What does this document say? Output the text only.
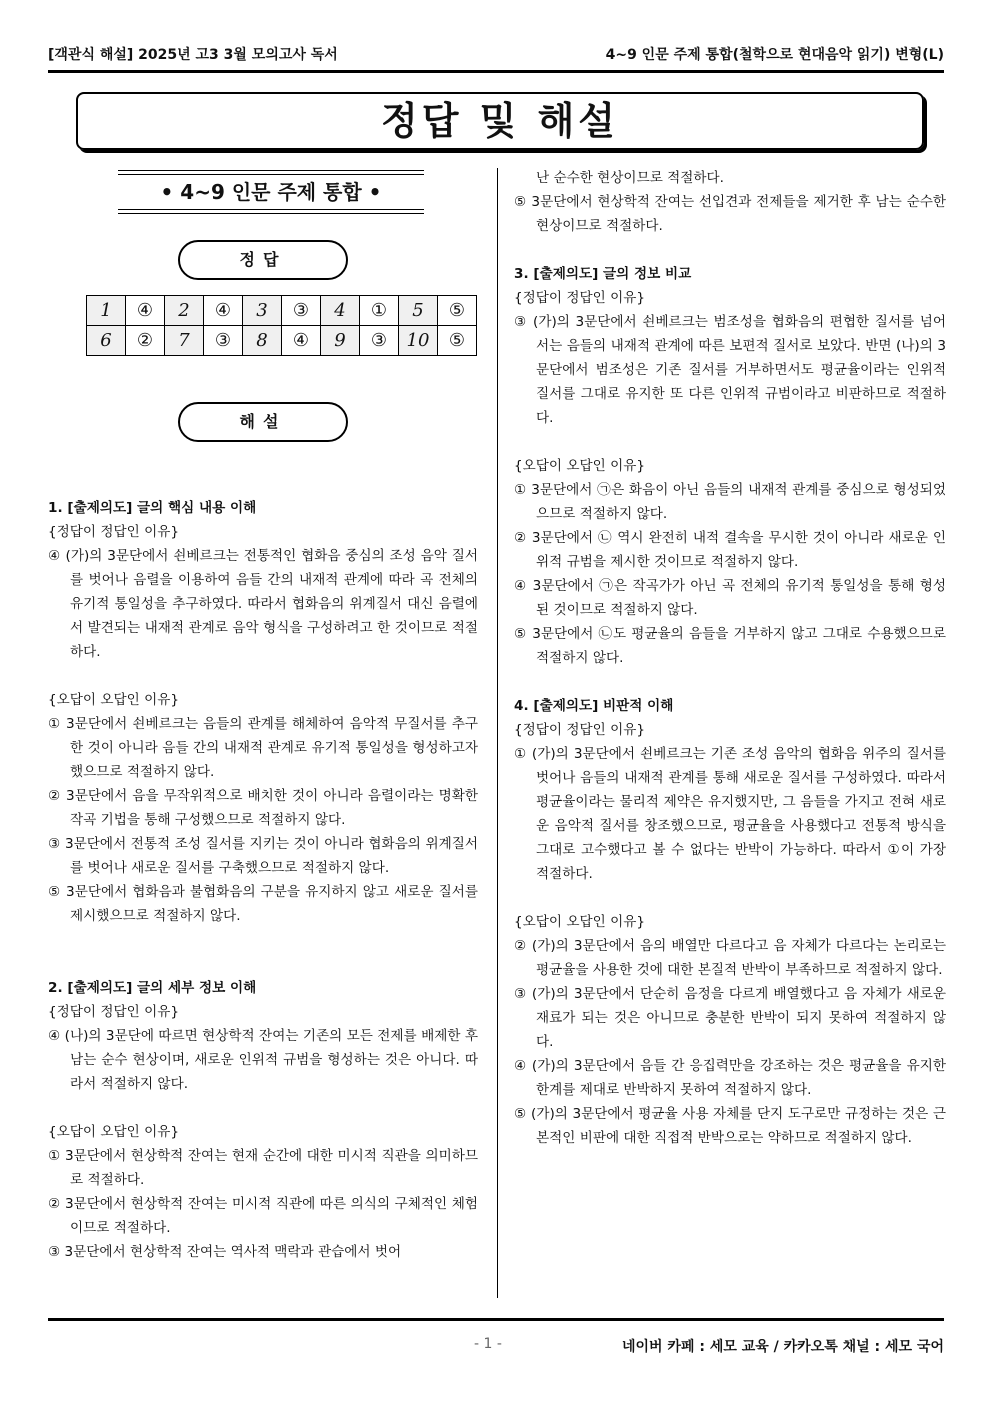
[객관식 해설] 2025년 고3 3월 모의고사 독서	4~9 인문 주제 통합(철학으로 현대음악 읽기) 변형(L)
정답 및 해설
• 4~9 인문 주제 통합 •
정답
1	④	2	④	3	③	4	①	5	⑤
6	②	7	③	8	④	9	③	10	⑤
해설

1. [출제의도] 글의 핵심 내용 이해

{정답이 정답인 이유}

④ (가)의 3문단에서 쇤베르크는 전통적인 협화음 중심의 조성 음악 질서를 벗어나 음렬을 이용하여 음들 간의 내재적 관계에 따라 곡 전체의 유기적 통일성을 추구하였다. 따라서 협화음의 위계질서 대신 음렬에서 발견되는 내재적 관계로 음악 형식을 구성하려고 한 것이므로 적절하다.

{오답이 오답인 이유}

① 3문단에서 쇤베르크는 음들의 관계를 해체하여 음악적 무질서를 추구한 것이 아니라 음들 간의 내재적 관계로 유기적 통일성을 형성하고자 했으므로 적절하지 않다.

② 3문단에서 음을 무작위적으로 배치한 것이 아니라 음렬이라는 명확한 작곡 기법을 통해 구성했으므로 적절하지 않다.

③ 3문단에서 전통적 조성 질서를 지키는 것이 아니라 협화음의 위계질서를 벗어나 새로운 질서를 구축했으므로 적절하지 않다.

⑤ 3문단에서 협화음과 불협화음의 구분을 유지하지 않고 새로운 질서를 제시했으므로 적절하지 않다.

2. [출제의도] 글의 세부 정보 이해

{정답이 정답인 이유}

④ (나)의 3문단에 따르면 현상학적 잔여는 기존의 모든 전제를 배제한 후 남는 순수 현상이며, 새로운 인위적 규범을 형성하는 것은 아니다. 따라서 적절하지 않다.

{오답이 오답인 이유}

① 3문단에서 현상학적 잔여는 현재 순간에 대한 미시적 직관을 의미하므로 적절하다.

② 3문단에서 현상학적 잔여는 미시적 직관에 따른 의식의 구체적인 체험이므로 적절하다.

③ 3문단에서 현상학적 잔여는 역사적 맥락과 관습에서 벗어

난 순수한 현상이므로 적절하다.

⑤ 3문단에서 현상학적 잔여는 선입견과 전제들을 제거한 후 남는 순수한 현상이므로 적절하다.

3. [출제의도] 글의 정보 비교

{정답이 정답인 이유}

③ (가)의 3문단에서 쇤베르크는 범조성을 협화음의 편협한 질서를 넘어서는 음들의 내재적 관계에 따른 보편적 질서로 보았다. 반면 (나)의 3문단에서 범조성은 기존 질서를 거부하면서도 평균율이라는 인위적 질서를 그대로 유지한 또 다른 인위적 규범이라고 비판하므로 적절하다.

{오답이 오답인 이유}

① 3문단에서 ㉠은 화음이 아닌 음들의 내재적 관계를 중심으로 형성되었으므로 적절하지 않다.

② 3문단에서 ㉡ 역시 완전히 내적 결속을 무시한 것이 아니라 새로운 인위적 규범을 제시한 것이므로 적절하지 않다.

④ 3문단에서 ㉠은 작곡가가 아닌 곡 전체의 유기적 통일성을 통해 형성된 것이므로 적절하지 않다.

⑤ 3문단에서 ㉡도 평균율의 음들을 거부하지 않고 그대로 수용했으므로 적절하지 않다.

4. [출제의도] 비판적 이해

{정답이 정답인 이유}

① (가)의 3문단에서 쇤베르크는 기존 조성 음악의 협화음 위주의 질서를 벗어나 음들의 내재적 관계를 통해 새로운 질서를 구성하였다. 따라서 평균율이라는 물리적 제약은 유지했지만, 그 음들을 가지고 전혀 새로운 음악적 질서를 창조했으므로, 평균율을 사용했다고 전통적 방식을 그대로 고수했다고 볼 수 없다는 반박이 가능하다. 따라서 ①이 가장 적절하다.

{오답이 오답인 이유}

② (가)의 3문단에서 음의 배열만 다르다고 음 자체가 다르다는 논리로는 평균율을 사용한 것에 대한 본질적 반박이 부족하므로 적절하지 않다.

③ (가)의 3문단에서 단순히 음정을 다르게 배열했다고 음 자체가 새로운 재료가 되는 것은 아니므로 충분한 반박이 되지 못하여 적절하지 않다.

④ (가)의 3문단에서 음들 간 응집력만을 강조하는 것은 평균율을 유지한 한계를 제대로 반박하지 못하여 적절하지 않다.

⑤ (가)의 3문단에서 평균율 사용 자체를 단지 도구로만 규정하는 것은 근본적인 비판에 대한 직접적 반박으로는 약하므로 적절하지 않다.

- 1 -	네이버 카페 : 세모 교육 / 카카오톡 채널 : 세모 국어
